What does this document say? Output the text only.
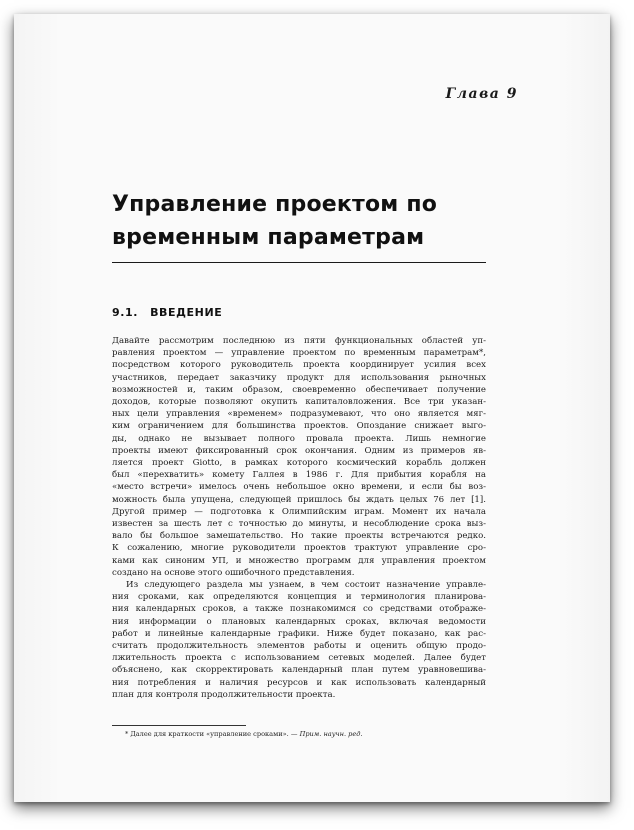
Глава 9

Управление проектом по временным параметрам
9.1. ВВЕДЕНИЕ
Давайте рассмотрим последнюю из пяти функциональных областей уп-
равления проектом — управление проектом по временным параметрам*,
посредством которого руководитель проекта координирует усилия всех
участников, передает заказчику продукт для использования рыночных
возможностей и, таким образом, своевременно обеспечивает получение
доходов, которые позволяют окупить капиталовложения. Все три указан-
ных цели управления «временем» подразумевают, что оно является мяг-
ким ограничением для большинства проектов. Опоздание снижает выго-
ды, однако не вызывает полного провала проекта. Лишь немногие
проекты имеют фиксированный срок окончания. Одним из примеров яв-
ляется проект Giotto, в рамках которого космический корабль должен
был «перехватить» комету Галлея в 1986 г. Для прибытия корабля на
«место встречи» имелось очень небольшое окно времени, и если бы воз-
можность была упущена, следующей пришлось бы ждать целых 76 лет [1].
Другой пример — подготовка к Олимпийским играм. Момент их начала
известен за шесть лет с точностью до минуты, и несоблюдение срока выз-
вало бы большое замешательство. Но такие проекты встречаются редко.
К сожалению, многие руководители проектов трактуют управление сро-
ками как синоним УП, и множество программ для управления проектом
создано на основе этого ошибочного представления.
Из следующего раздела мы узнаем, в чем состоит назначение управле-
ния сроками, как определяются концепция и терминология планирова-
ния календарных сроков, а также познакомимся со средствами отображе-
ния информации о плановых календарных сроках, включая ведомости
работ и линейные календарные графики. Ниже будет показано, как рас-
считать продолжительность элементов работы и оценить общую продо-
лжительность проекта с использованием сетевых моделей. Далее будет
объяснено, как скорректировать календарный план путем уравновешива-
ния потребления и наличия ресурсов и как использовать календарный
план для контроля продолжительности проекта.

* Далее для краткости «управление сроками». — Прим. научн. ред.
